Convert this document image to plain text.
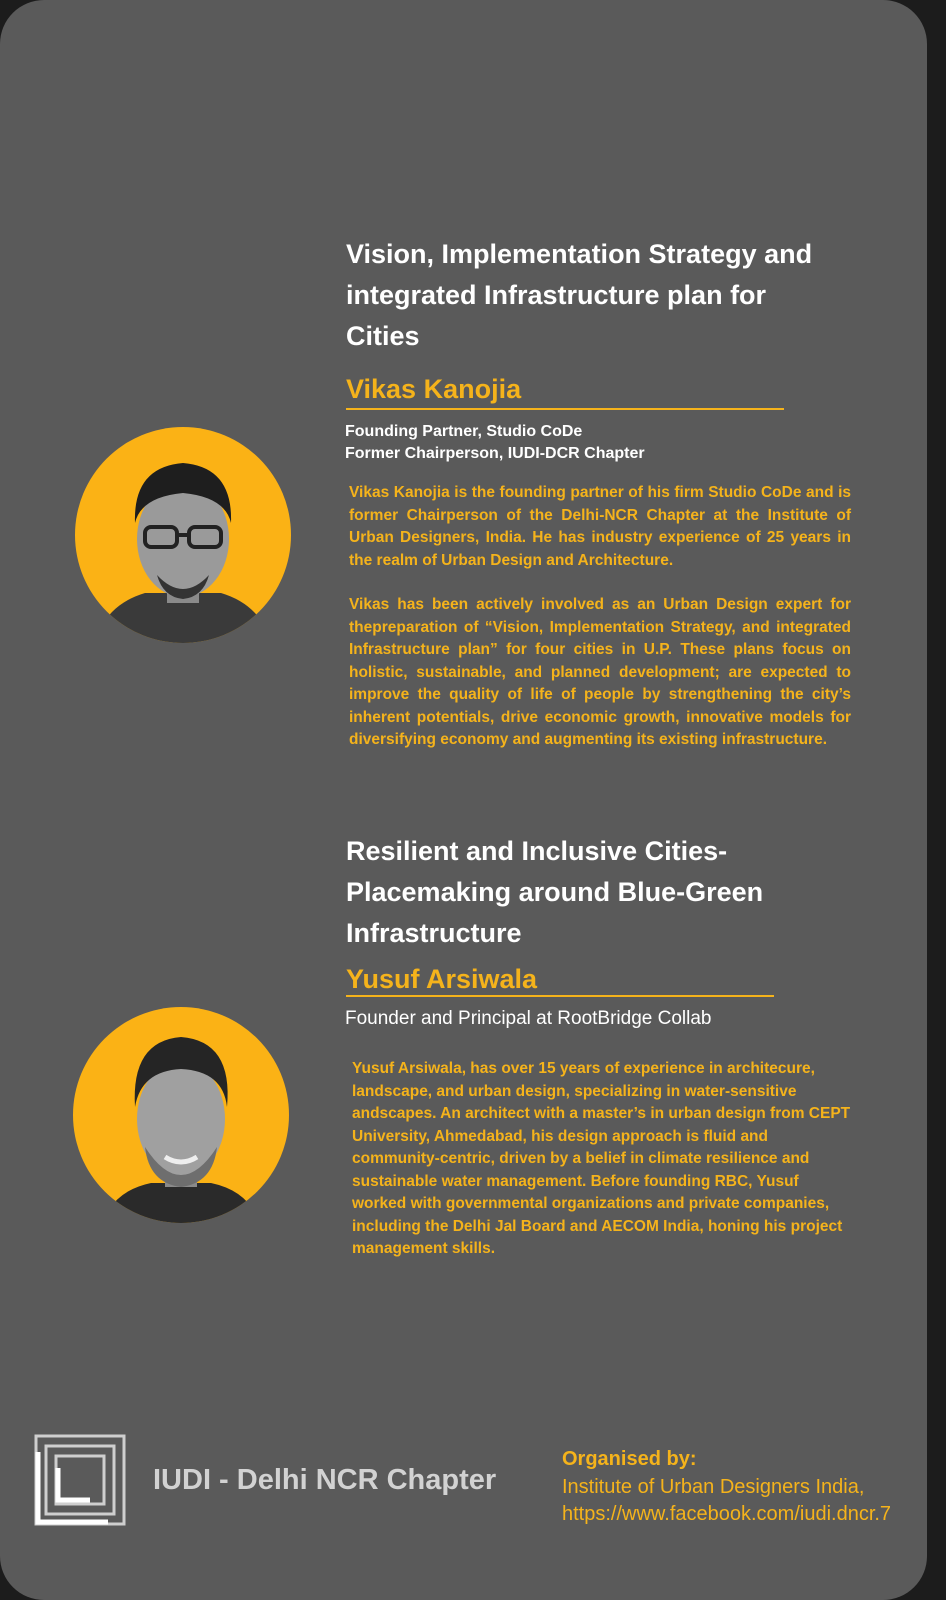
Vision, Implementation Strategy and
integrated Infrastructure plan for
Cities
Vikas Kanojia
Founding Partner, Studio CoDe
Former Chairperson, IUDI-DCR Chapter

Vikas Kanojia is the founding partner of his firm Studio CoDe and is former Chairperson of the Delhi-NCR Chapter at the Institute of Urban Designers, India. He has industry experience of 25 years in the realm of Urban Design and Architecture.

Vikas has been actively involved as an Urban Design expert for thepreparation of “Vision, Implementation Strategy, and integrated Infrastructure plan” for four cities in U.P. These plans focus on holistic, sustainable, and planned development; are expected to improve the quality of life of people by strengthening the city’s inherent potentials, drive economic growth, innovative models for diversifying economy and augmenting its existing infrastructure.

Resilient and Inclusive Cities-
Placemaking around Blue-Green
Infrastructure
Yusuf Arsiwala
Founder and Principal at RootBridge Collab

Yusuf Arsiwala, has over 15 years of experience in architecure, landscape, and urban design, specializing in water-sensitive andscapes. An architect with a master’s in urban design from CEPT University, Ahmedabad, his design approach is fluid and community-centric, driven by a belief in climate resilience and sustainable water management. Before founding RBC, Yusuf worked with governmental organizations and private companies, including the Delhi Jal Board and AECOM India, honing his project management skills.

IUDI - Delhi NCR Chapter
Organised by:
Institute of Urban Designers India,
https://www.facebook.com/iudi.dncr.7
